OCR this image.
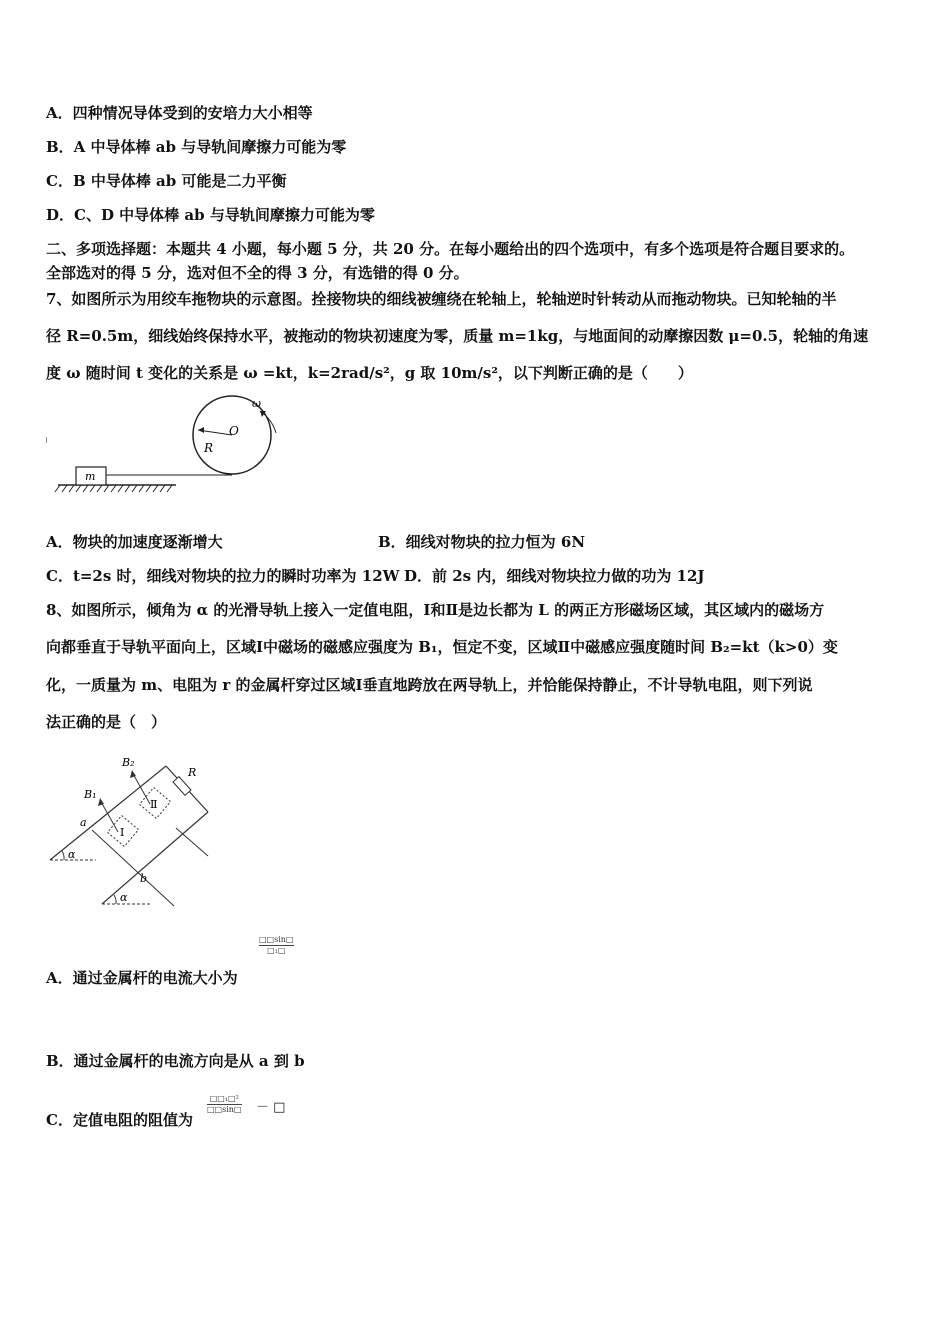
A．四种情况导体受到的安培力大小相等
B．A 中导体棒 ab 与导轨间摩擦力可能为零
C．B 中导体棒 ab 可能是二力平衡
D．C、D 中导体棒 ab 与导轨间摩擦力可能为零
二、多项选择题：本题共 4 小题，每小题 5 分，共 20 分。在每小题给出的四个选项中，有多个选项是符合题目要求的。
全部选对的得 5 分，选对但不全的得 3 分，有选错的得 0 分。
7、如图所示为用绞车拖物块的示意图。拴接物块的细线被缠绕在轮轴上，轮轴逆时针转动从而拖动物块。已知轮轴的半
径 R=0.5m，细线始终保持水平，被拖动的物块初速度为零，质量 m=1kg，与地面间的动摩擦因数 μ=0.5，轮轴的角速
度 ω 随时间 t 变化的关系是 ω =kt，k=2rad/s²，g 取 10m/s²，以下判断正确的是（　　）
m
O
R
ω
A．物块的加速度逐渐增大	B．细线对物块的拉力恒为 6N
C．t=2s 时，细线对物块的拉力的瞬时功率为 12W D．前 2s 内，细线对物块拉力做的功为 12J
8、如图所示，倾角为 α 的光滑导轨上接入一定值电阻，Ⅰ和Ⅱ是边长都为 L 的两正方形磁场区域，其区域内的磁场方
向都垂直于导轨平面向上，区域Ⅰ中磁场的磁感应强度为 B₁，恒定不变，区域Ⅱ中磁感应强度随时间 B₂=kt（k>0）变
化，一质量为 m、电阻为 r 的金属杆穿过区域Ⅰ垂直地跨放在两导轨上，并恰能保持静止，不计导轨电阻，则下列说
法正确的是（　）
R
Ⅱ
Ⅰ
B₂
B₁
a
b
α
α
□□sin□
□₁□
A．通过金属杆的电流大小为
B．通过金属杆的电流方向是从 a 到 b
C．定值电阻的阻值为
□□₁□²
□□sin□ － □
